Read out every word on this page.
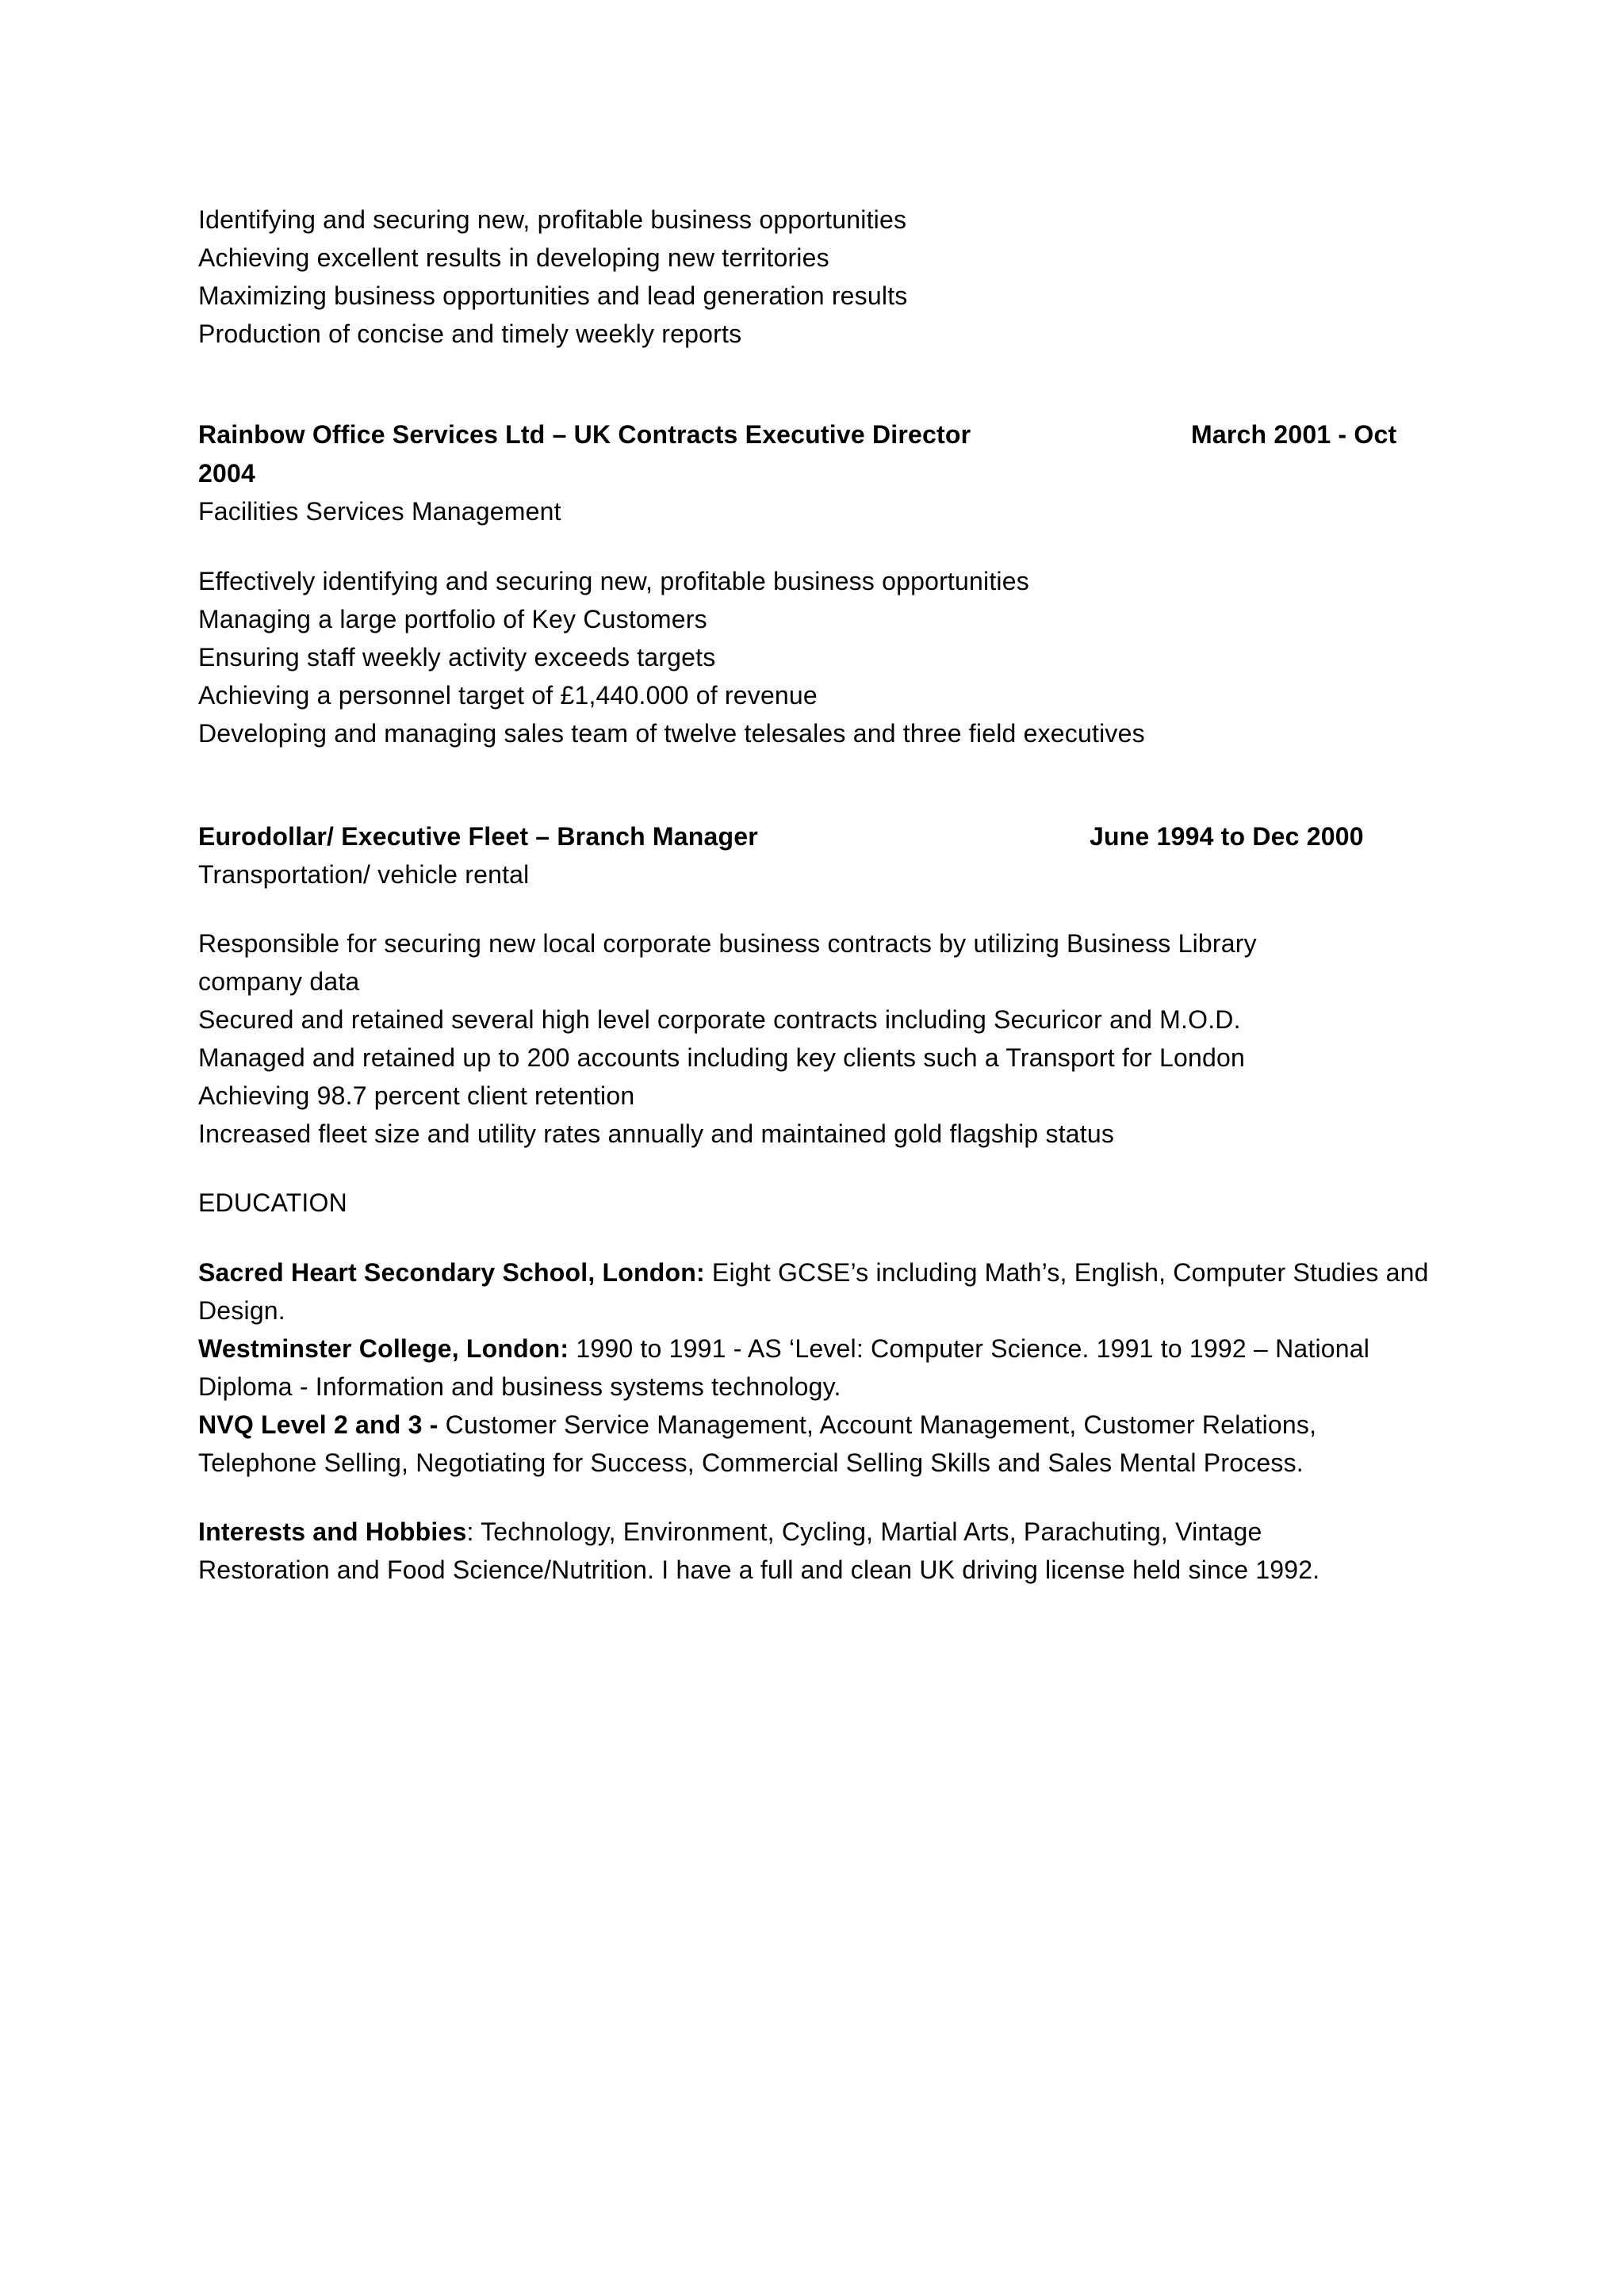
Identifying and securing new, profitable business opportunities

Achieving excellent results in developing new territories

Maximizing business opportunities and lead generation results

Production of concise and timely weekly reports

Rainbow Office Services Ltd – UK Contracts Executive Director	March 2001 - Oct

2004

Facilities Services Management

Effectively identifying and securing new, profitable business opportunities

Managing a large portfolio of Key Customers

Ensuring staff weekly activity exceeds targets

Achieving a personnel target of £1,440.000 of revenue

Developing and managing sales team of twelve telesales and three field executives

Eurodollar/ Executive Fleet – Branch Manager	June 1994 to Dec 2000

Transportation/ vehicle rental

Responsible for securing new local corporate business contracts by utilizing Business Library

company data

Secured and retained several high level corporate contracts including Securicor and M.O.D.

Managed and retained up to 200 accounts including key clients such a Transport for London

Achieving 98.7 percent client retention

Increased fleet size and utility rates annually and maintained gold flagship status

EDUCATION

Sacred Heart Secondary School, London: Eight GCSE’s including Math’s, English, Computer Studies and

Design.

Westminster College, London: 1990 to 1991 - AS ‘Level: Computer Science. 1991 to 1992 – National

Diploma - Information and business systems technology.

NVQ Level 2 and 3 - Customer Service Management, Account Management, Customer Relations,

Telephone Selling, Negotiating for Success, Commercial Selling Skills and Sales Mental Process.

Interests and Hobbies: Technology, Environment, Cycling, Martial Arts, Parachuting, Vintage

Restoration and Food Science/Nutrition. I have a full and clean UK driving license held since 1992.
